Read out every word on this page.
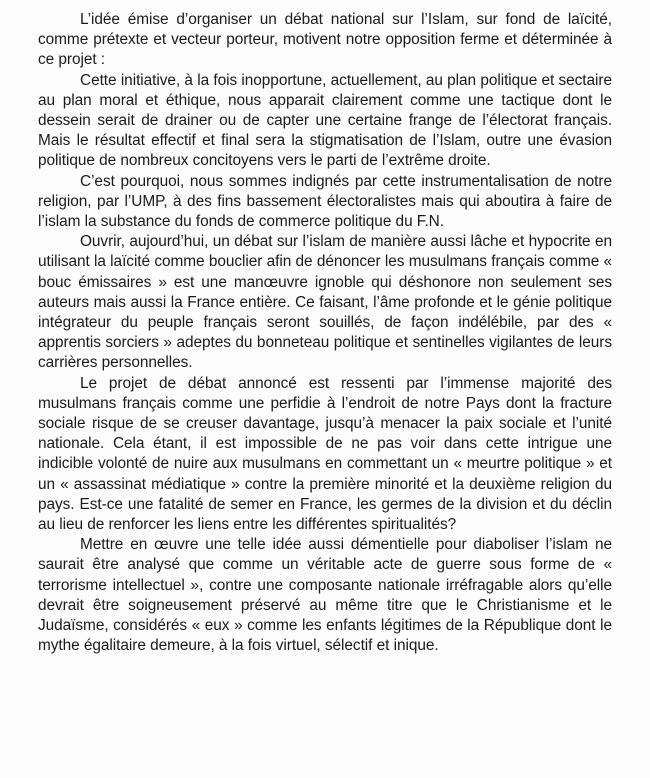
L’idée émise d’organiser un débat national sur l’Islam, sur fond de laïcité, comme prétexte et vecteur porteur, motivent notre opposition ferme et déterminée à ce projet :

Cette initiative, à la fois inopportune, actuellement, au plan politique et sectaire au plan moral et éthique, nous apparait clairement comme une tactique dont le dessein serait de drainer ou de capter une certaine frange de l’électorat français. Mais le résultat effectif et final sera la stigmatisation de l’Islam, outre une évasion politique de nombreux concitoyens vers le parti de l’extrême droite.

C’est pourquoi, nous sommes indignés par cette instrumentalisation de notre religion, par l’UMP, à des fins bassement électoralistes mais qui aboutira à faire de l’islam la substance du fonds de commerce politique du F.N.

Ouvrir, aujourd’hui, un débat sur l’islam de manière aussi lâche et hypocrite en utilisant la laïcité comme bouclier afin de dénoncer les musulmans français comme « bouc émissaires » est une manœuvre ignoble qui déshonore non seulement ses auteurs mais aussi la France entière. Ce faisant, l’âme profonde et le génie politique intégrateur du peuple français seront souillés, de façon indélébile, par des « apprentis sorciers » adeptes du bonneteau politique et sentinelles vigilantes de leurs carrières personnelles.

Le projet de débat annoncé est ressenti par l’immense majorité des musulmans français comme une perfidie à l’endroit de notre Pays dont la fracture sociale risque de se creuser davantage, jusqu’à menacer la paix sociale et l’unité nationale. Cela étant, il est impossible de ne pas voir dans cette intrigue une indicible volonté de nuire aux musulmans en commettant un « meurtre politique » et un « assassinat médiatique » contre la première minorité et la deuxième religion du pays. Est-ce une fatalité de semer en France, les germes de la division et du déclin au lieu de renforcer les liens entre les différentes spiritualités?

Mettre en œuvre une telle idée aussi démentielle pour diaboliser l’islam ne saurait être analysé que comme un véritable acte de guerre sous forme de « terrorisme intellectuel », contre une composante nationale irréfragable alors qu’elle devrait être soigneusement préservé au même titre que le Christianisme et le Judaïsme, considérés « eux » comme les enfants légitimes de la République dont le mythe égalitaire demeure, à la fois virtuel, sélectif et inique.
